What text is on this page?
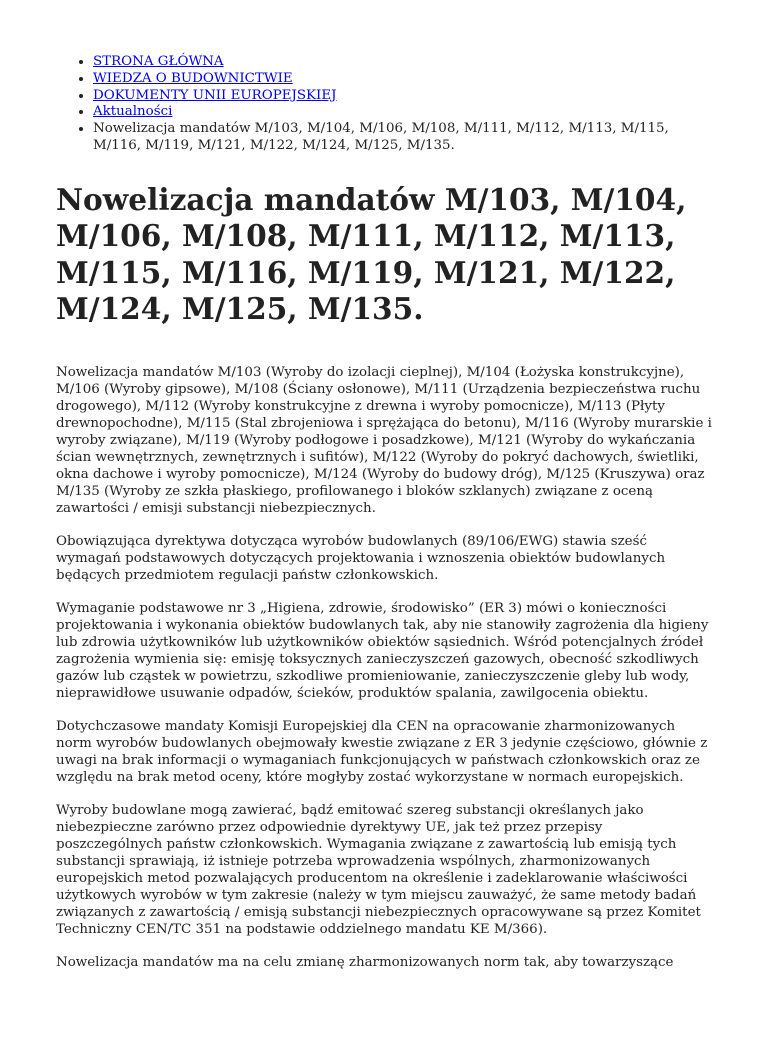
• STRONA GŁÓWNA
• WIEDZA O BUDOWNICTWIE
• DOKUMENTY UNII EUROPEJSKIEJ
• Aktualności
• Nowelizacja mandatów M/103, M/104, M/106, M/108, M/111, M/112, M/113, M/115, M/116, M/119, M/121, M/122, M/124, M/125, M/135.
Nowelizacja mandatów M/103, M/104, M/106, M/108, M/111, M/112, M/113, M/115, M/116, M/119, M/121, M/122, M/124, M/125, M/135.

Nowelizacja mandatów M/103 (Wyroby do izolacji cieplnej), M/104 (Łożyska konstrukcyjne), M/106 (Wyroby gipsowe), M/108 (Ściany osłonowe), M/111 (Urządzenia bezpieczeństwa ruchu drogowego), M/112 (Wyroby konstrukcyjne z drewna i wyroby pomocnicze), M/113 (Płyty drewnopochodne), M/115 (Stal zbrojeniowa i sprężająca do betonu), M/116 (Wyroby murarskie i wyroby związane), M/119 (Wyroby podłogowe i posadzkowe), M/121 (Wyroby do wykańczania ścian wewnętrznych, zewnętrznych i sufitów), M/122 (Wyroby do pokryć dachowych, świetliki, okna dachowe i wyroby pomocnicze), M/124 (Wyroby do budowy dróg), M/125 (Kruszywa) oraz M/135 (Wyroby ze szkła płaskiego, profilowanego i bloków szklanych) związane z oceną zawartości / emisji substancji niebezpiecznych.

Obowiązująca dyrektywa dotycząca wyrobów budowlanych (89/106/EWG) stawia sześć wymagań podstawowych dotyczących projektowania i wznoszenia obiektów budowlanych będących przedmiotem regulacji państw członkowskich.

Wymaganie podstawowe nr 3 „Higiena, zdrowie, środowisko” (ER 3) mówi o konieczności projektowania i wykonania obiektów budowlanych tak, aby nie stanowiły zagrożenia dla higieny lub zdrowia użytkowników lub użytkowników obiektów sąsiednich. Wśród potencjalnych źródeł zagrożenia wymienia się: emisję toksycznych zanieczyszczeń gazowych, obecność szkodliwych gazów lub cząstek w powietrzu, szkodliwe promieniowanie, zanieczyszczenie gleby lub wody, nieprawidłowe usuwanie odpadów, ścieków, produktów spalania, zawilgocenia obiektu.

Dotychczasowe mandaty Komisji Europejskiej dla CEN na opracowanie zharmonizowanych norm wyrobów budowlanych obejmowały kwestie związane z ER 3 jedynie częściowo, głównie z uwagi na brak informacji o wymaganiach funkcjonujących w państwach członkowskich oraz ze względu na brak metod oceny, które mogłyby zostać wykorzystane w normach europejskich.

Wyroby budowlane mogą zawierać, bądź emitować szereg substancji określanych jako niebezpieczne zarówno przez odpowiednie dyrektywy UE, jak też przez przepisy poszczególnych państw członkowskich. Wymagania związane z zawartością lub emisją tych substancji sprawiają, iż istnieje potrzeba wprowadzenia wspólnych, zharmonizowanych europejskich metod pozwalających producentom na określenie i zadeklarowanie właściwości użytkowych wyrobów w tym zakresie (należy w tym miejscu zauważyć, że same metody badań związanych z zawartością / emisją substancji niebezpiecznych opracowywane są przez Komitet Techniczny CEN/TC 351 na podstawie oddzielnego mandatu KE M/366).

Nowelizacja mandatów ma na celu zmianę zharmonizowanych norm tak, aby towarzyszące
